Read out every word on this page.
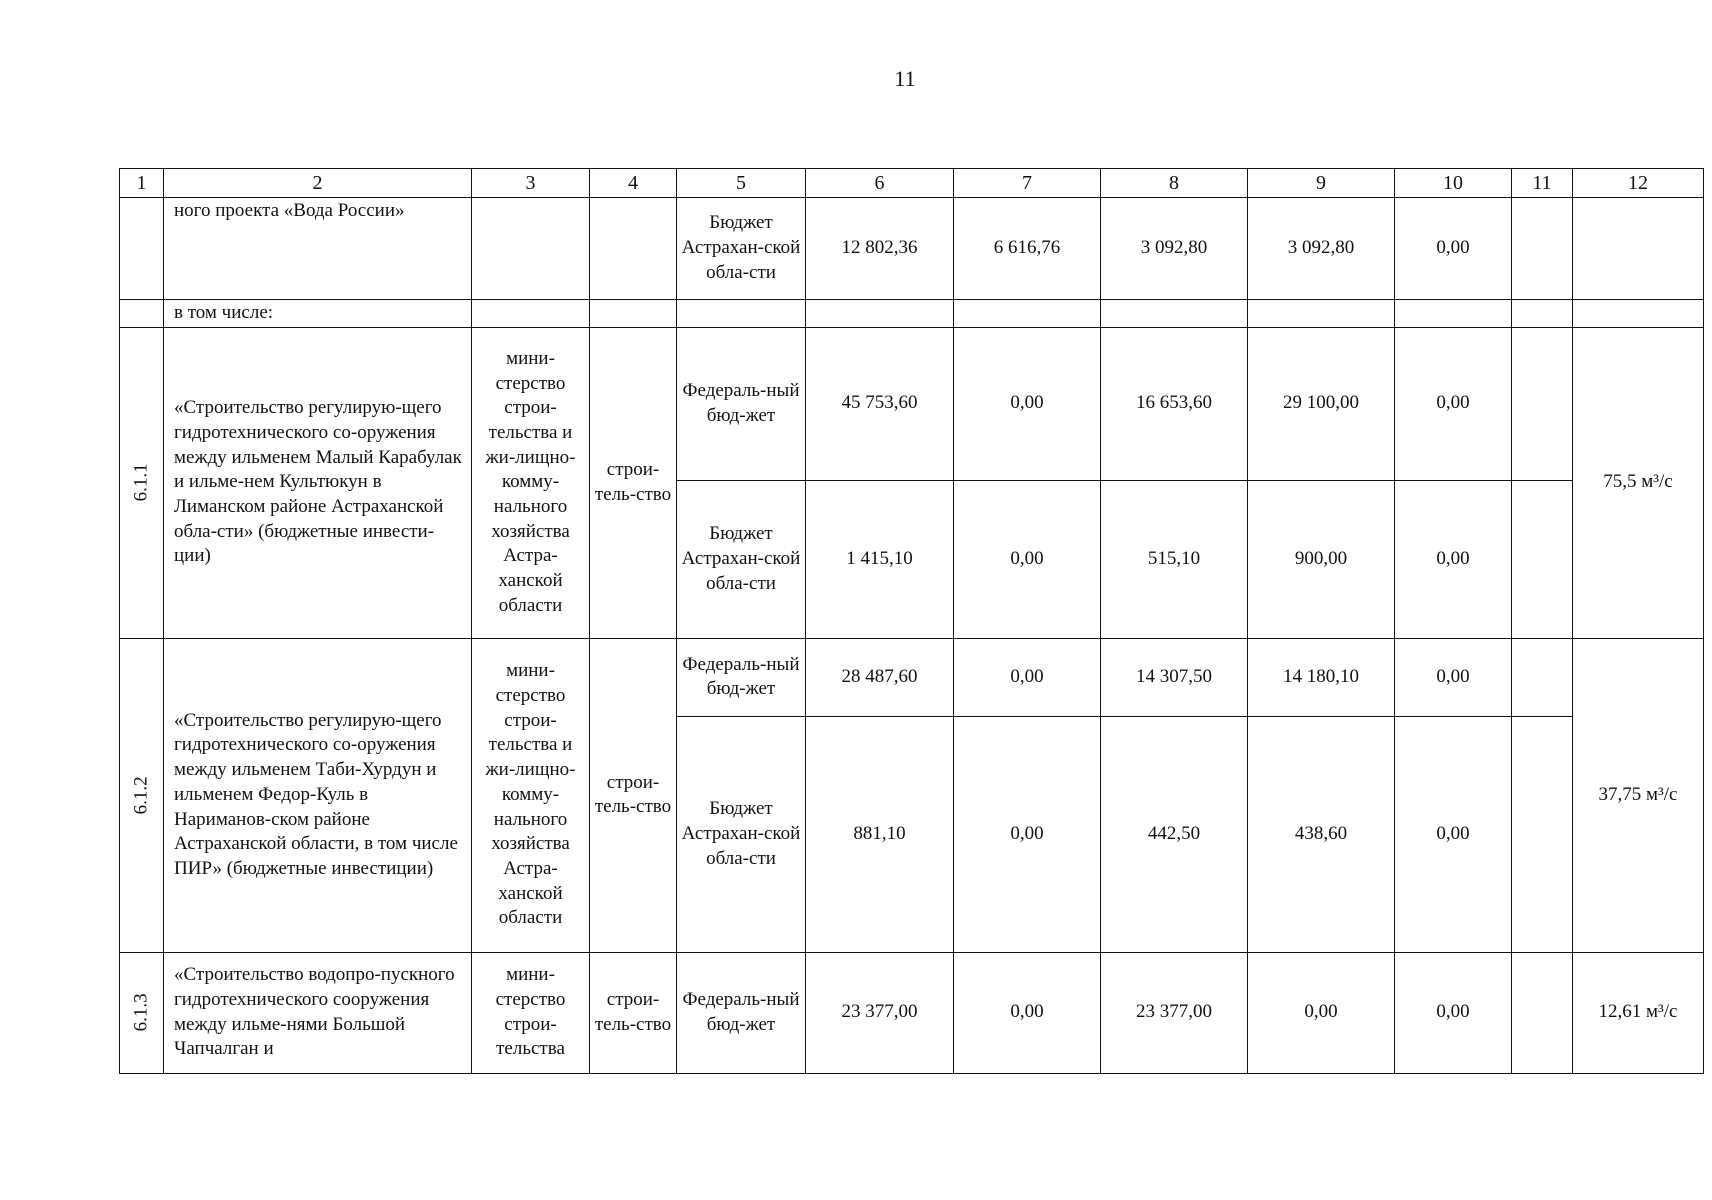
11
1	2	3	4	5	6	7	8	9	10	11	12
	ного проекта «Вода России»			Бюджет Астрахан-ской обла-сти	12 802,36	6 616,76	3 092,80	3 092,80	0,00		
	в том числе:										
6.1.1	«Строительство регулирую-щего гидротехнического со-оружения между ильменем Малый Карабулак и ильме-нем Культюкун в Лиманском районе Астраханской обла-сти» (бюджетные инвести-ции)	мини-стерство строи-тельства и жи-лищно-комму-нального хозяйства Астра-ханской области	строи-тель-ство	Федераль-ный бюд-жет	45 753,60	0,00	16 653,60	29 100,00	0,00		75,5 м³/с
				Бюджет Астрахан-ской обла-сти	1 415,10	0,00	515,10	900,00	0,00		
6.1.2	«Строительство регулирую-щего гидротехнического со-оружения между ильменем Таби-Хурдун и ильменем Федор-Куль в Нариманов-ском районе Астраханской области, в том числе ПИР» (бюджетные инвестиции)	мини-стерство строи-тельства и жи-лищно-комму-нального хозяйства Астра-ханской области	строи-тель-ство	Федераль-ный бюд-жет	28 487,60	0,00	14 307,50	14 180,10	0,00		37,75 м³/с
				Бюджет Астрахан-ской обла-сти	881,10	0,00	442,50	438,60	0,00		
6.1.3	«Строительство водопро-пускного гидротехнического сооружения между ильме-нями Большой Чапчалган и	мини-стерство строи-тельства	строи-тель-ство	Федераль-ный бюд-жет	23 377,00	0,00	23 377,00	0,00	0,00		12,61 м³/с
